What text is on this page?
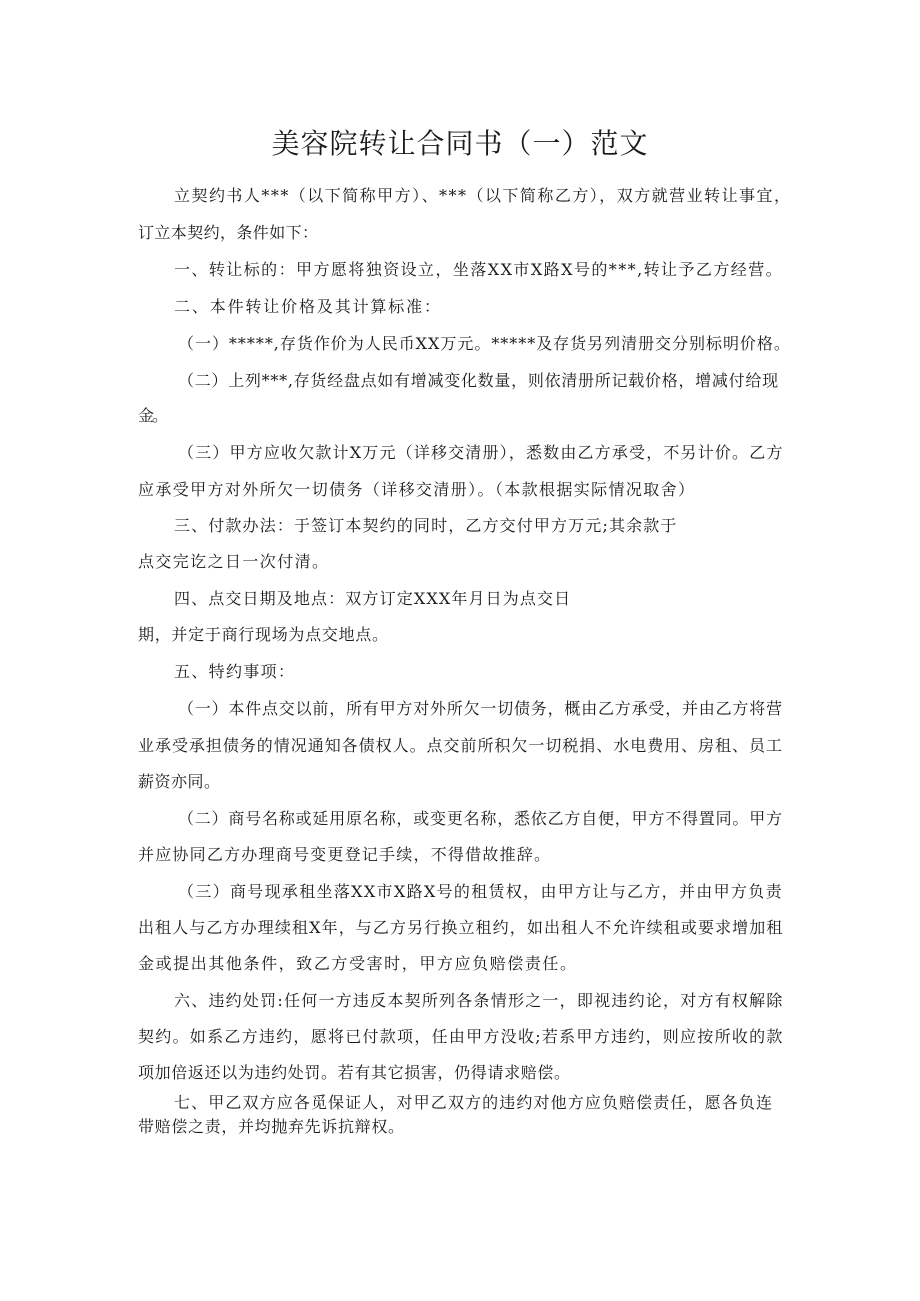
美容院转让合同书（一）范文
立契约书人***（以下简称甲方）、***（以下简称乙方），双方就营业转让事宜，
订立本契约，条件如下：
一、转让标的：甲方愿将独资设立，坐落XX市X路X号的***,转让予乙方经营。
二、本件转让价格及其计算标准：
（一）*****,存货作价为人民币XX万元。*****及存货另列清册交分别标明价格。
（二）上列***,存货经盘点如有增减变化数量，则依清册所记载价格，增减付给现
金。
（三）甲方应收欠款计X万元（详移交清册），悉数由乙方承受，不另计价。乙方
应承受甲方对外所欠一切债务（详移交清册）。（本款根据实际情况取舍）
三、付款办法：于签订本契约的同时，乙方交付甲方万元;其余款于
点交完讫之日一次付清。
四、点交日期及地点：双方订定XXX年月日为点交日
期，并定于商行现场为点交地点。
五、特约事项：
（一）本件点交以前，所有甲方对外所欠一切债务，概由乙方承受，并由乙方将营
业承受承担债务的情况通知各债权人。点交前所积欠一切税捐、水电费用、房租、员工
薪资亦同。
（二）商号名称或延用原名称，或变更名称，悉依乙方自便，甲方不得置同。甲方
并应协同乙方办理商号变更登记手续，不得借故推辞。
（三）商号现承租坐落XX市X路X号的租赁权，由甲方让与乙方，并由甲方负责
出租人与乙方办理续租X年，与乙方另行换立租约，如出租人不允许续租或要求增加租
金或提出其他条件，致乙方受害时，甲方应负赔偿责任。
六、违约处罚:任何一方违反本契所列各条情形之一，即视违约论，对方有权解除
契约。如系乙方违约，愿将已付款项，任由甲方没收;若系甲方违约，则应按所收的款
项加倍返还以为违约处罚。若有其它损害，仍得请求赔偿。
七、甲乙双方应各觅保证人，对甲乙双方的违约对他方应负赔偿责任，愿各负连
带赔偿之责，并均抛弃先诉抗辩权。
